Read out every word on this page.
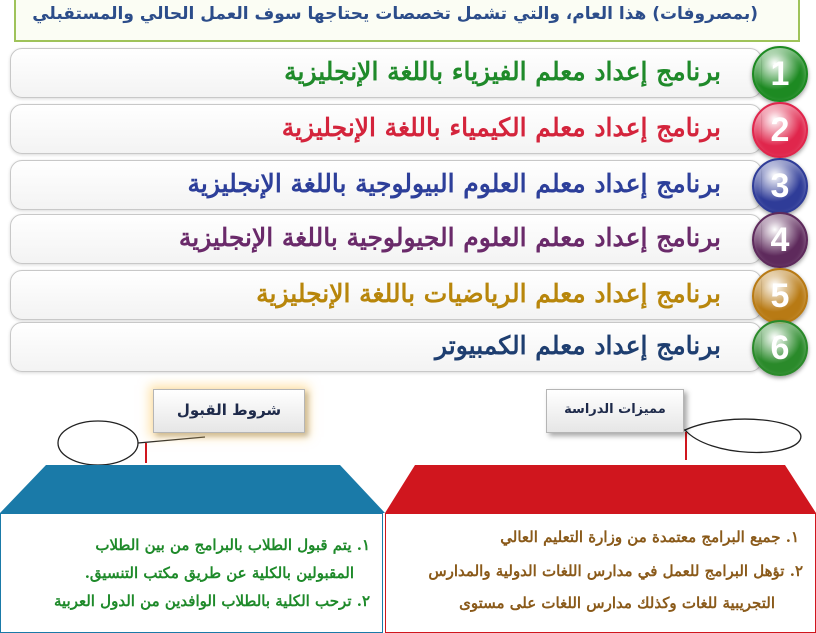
(بمصروفات) هذا العام، والتي تشمل تخصصات يحتاجها سوف العمل الحالي والمستقبلي
برنامج إعداد معلم الفيزياء باللغة الإنجليزية	1
برنامج إعداد معلم الكيمياء باللغة الإنجليزية	2
برنامج إعداد معلم العلوم البيولوجية باللغة الإنجليزية	3
برنامج إعداد معلم العلوم الجيولوجية باللغة الإنجليزية	4
برنامج إعداد معلم الرياضيات باللغة الإنجليزية	5
برنامج إعداد معلم الكمبيوتر	6
شروط القبول
١. يتم قبول الطلاب بالبرامج من بين الطلاب
المقبولين بالكلية عن طريق مكتب التنسيق.
٢. ترحب الكلية بالطلاب الوافدين من الدول العربية
مميزات الدراسة
١. جميع البرامج معتمدة من وزارة التعليم العالي
٢. تؤهل البرامج للعمل في مدارس اللغات الدولية والمدارس
التجريبية للغات وكذلك مدارس اللغات على مستوى
